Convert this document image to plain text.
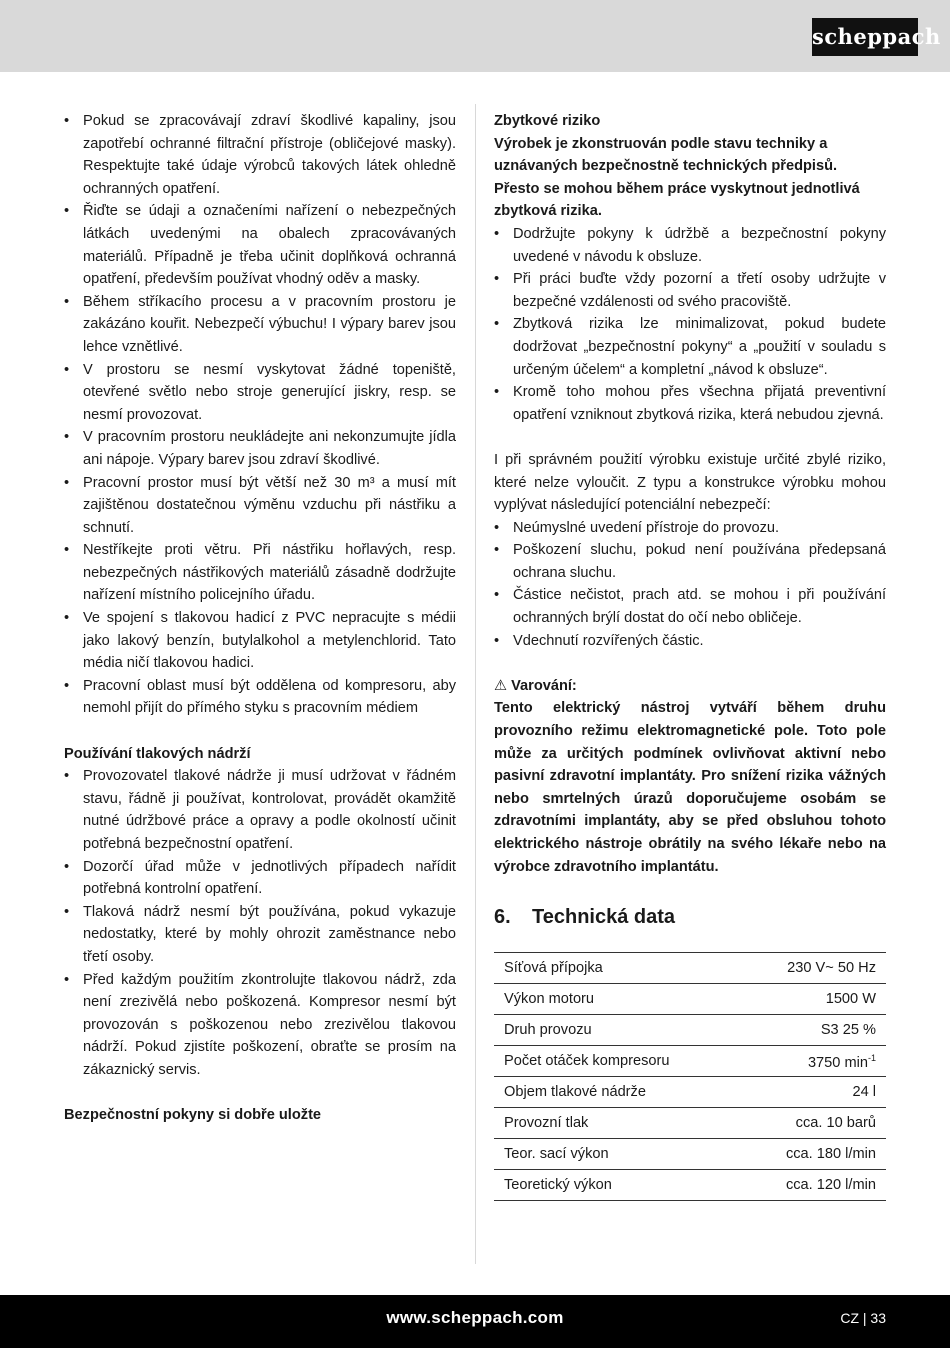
scheppach
• Pokud se zpracovávají zdraví škodlivé kapaliny, jsou zapotřebí ochranné filtrační přístroje (obličejové masky). Respektujte také údaje výrobců takových látek ohledně ochranných opatření.
• Řiďte se údaji a označeními nařízení o nebezpečných látkách uvedenými na obalech zpracovávaných materiálů. Případně je třeba učinit doplňková ochranná opatření, především používat vhodný oděv a masky.
• Během stříkacího procesu a v pracovním prostoru je zakázáno kouřit. Nebezpečí výbuchu! I výpary barev jsou lehce vznětlivé.
• V prostoru se nesmí vyskytovat žádné topeniště, otevřené světlo nebo stroje generující jiskry, resp. se nesmí provozovat.
• V pracovním prostoru neukládejte ani nekonzumujte jídla ani nápoje. Výpary barev jsou zdraví škodlivé.
• Pracovní prostor musí být větší než 30 m³ a musí mít zajištěnou dostatečnou výměnu vzduchu při nástřiku a schnutí.
• Nestříkejte proti větru. Při nástřiku hořlavých, resp. nebezpečných nástřikových materiálů zásadně dodržujte nařízení místního policejního úřadu.
• Ve spojení s tlakovou hadicí z PVC nepracujte s médii jako lakový benzín, butylalkohol a metylenchlorid. Tato média ničí tlakovou hadici.
• Pracovní oblast musí být oddělena od kompresoru, aby nemohl přijít do přímého styku s pracovním médiem

Používání tlakových nádrží

• Provozovatel tlakové nádrže ji musí udržovat v řádném stavu, řádně ji používat, kontrolovat, provádět okamžitě nutné údržbové práce a opravy a podle okolností učinit potřebná bezpečnostní opatření.
• Dozorčí úřad může v jednotlivých případech nařídit potřebná kontrolní opatření.
• Tlaková nádrž nesmí být používána, pokud vykazuje nedostatky, které by mohly ohrozit zaměstnance nebo třetí osoby.
• Před každým použitím zkontrolujte tlakovou nádrž, zda není zrezivělá nebo poškozená. Kompresor nesmí být provozován s poškozenou nebo zrezivělou tlakovou nádrží. Pokud zjistíte poškození, obraťte se prosím na zákaznický servis.

Bezpečnostní pokyny si dobře uložte

Zbytkové riziko

Výrobek je zkonstruován podle stavu techniky a uznávaných bezpečnostně technických předpisů. Přesto se mohou během práce vyskytnout jednotlivá zbytková rizika.

• Dodržujte pokyny k údržbě a bezpečnostní pokyny uvedené v návodu k obsluze.
• Při práci buďte vždy pozorní a třetí osoby udržujte v bezpečné vzdálenosti od svého pracoviště.
• Zbytková rizika lze minimalizovat, pokud budete dodržovat „bezpečnostní pokyny“ a „použití v souladu s určeným účelem“ a kompletní „návod k obsluze“.
• Kromě toho mohou přes všechna přijatá preventivní opatření vzniknout zbytková rizika, která nebudou zjevná.

I při správném použití výrobku existuje určité zbylé riziko, které nelze vyloučit. Z typu a konstrukce výrobku mohou vyplývat následující potenciální nebezpečí:

• Neúmyslné uvedení přístroje do provozu.
• Poškození sluchu, pokud není používána předepsaná ochrana sluchu.
• Částice nečistot, prach atd. se mohou i při používání ochranných brýlí dostat do očí nebo obličeje.
• Vdechnutí rozvířených částic.

⚠ Varování:

Tento elektrický nástroj vytváří během druhu provozního režimu elektromagnetické pole. Toto pole může za určitých podmínek ovlivňovat aktivní nebo pasivní zdravotní implantáty. Pro snížení rizika vážných nebo smrtelných úrazů doporučujeme osobám se zdravotními implantáty, aby se před obsluhou tohoto elektrického nástroje obrátily na svého lékaře nebo na výrobce zdravotního implantátu.

6. Technická data
Síťová přípojka	230 V~ 50 Hz
Výkon motoru	1500 W
Druh provozu	S3 25 %
Počet otáček kompresoru	3750 $\min^{-1}$
Objem tlakové nádrže	24 l
Provozní tlak	cca. 10 barů
Teor. sací výkon	cca. 180 l/min
Teoretický výkon	cca. 120 l/min
www.scheppach.com	CZ | 33
